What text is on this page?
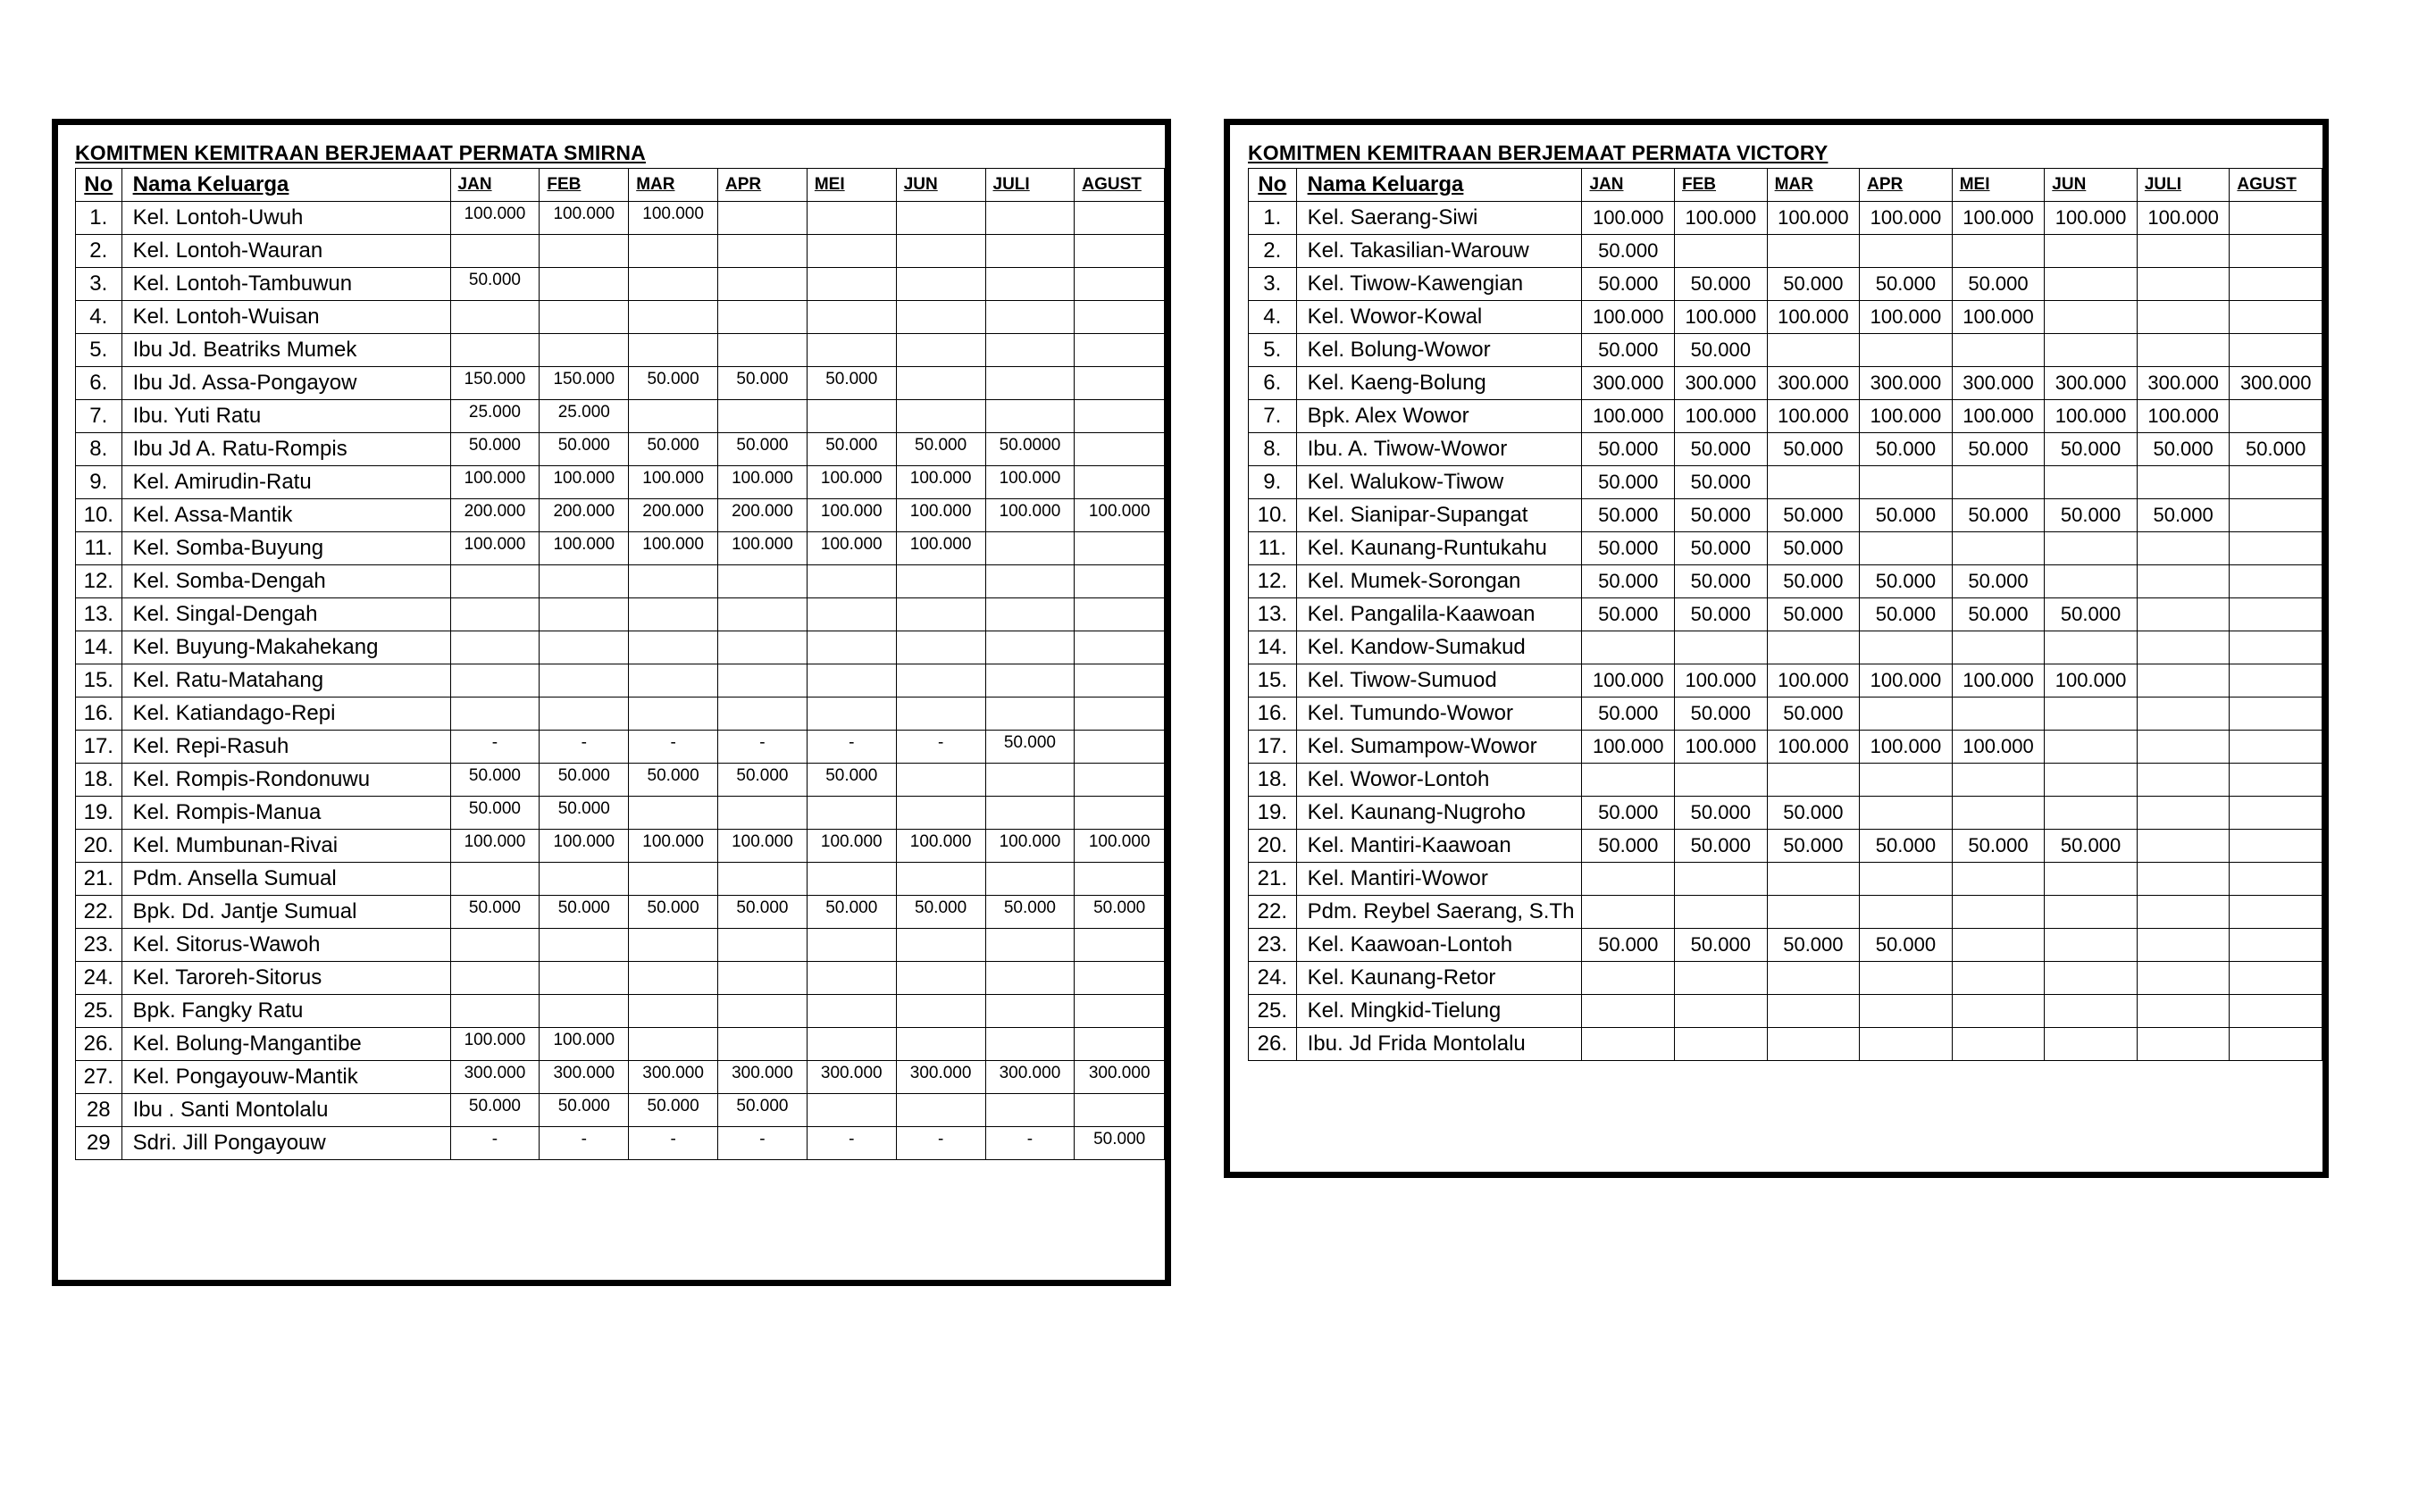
KOMITMEN KEMITRAAN BERJEMAAT PERMATA SMIRNA
No	Nama Keluarga	JAN	FEB	MAR	APR	MEI	JUN	JULI	AGUST
1.	Kel. Lontoh-Uwuh	100.000	100.000	100.000					
2.	Kel. Lontoh-Wauran								
3.	Kel. Lontoh-Tambuwun	50.000							
4.	Kel. Lontoh-Wuisan								
5.	Ibu Jd. Beatriks Mumek								
6.	Ibu Jd. Assa-Pongayow	150.000	150.000	50.000	50.000	50.000			
7.	Ibu. Yuti Ratu	25.000	25.000						
8.	Ibu Jd A. Ratu-Rompis	50.000	50.000	50.000	50.000	50.000	50.000	50.0000	
9.	Kel. Amirudin-Ratu	100.000	100.000	100.000	100.000	100.000	100.000	100.000	
10.	Kel. Assa-Mantik	200.000	200.000	200.000	200.000	100.000	100.000	100.000	100.000
11.	Kel. Somba-Buyung	100.000	100.000	100.000	100.000	100.000	100.000		
12.	Kel. Somba-Dengah								
13.	Kel. Singal-Dengah								
14.	Kel. Buyung-Makahekang								
15.	Kel. Ratu-Matahang								
16.	Kel. Katiandago-Repi								
17.	Kel. Repi-Rasuh	-	-	-	-	-	-	50.000	
18.	Kel. Rompis-Rondonuwu	50.000	50.000	50.000	50.000	50.000			
19.	Kel. Rompis-Manua	50.000	50.000						
20.	Kel. Mumbunan-Rivai	100.000	100.000	100.000	100.000	100.000	100.000	100.000	100.000
21.	Pdm. Ansella Sumual								
22.	Bpk. Dd. Jantje Sumual	50.000	50.000	50.000	50.000	50.000	50.000	50.000	50.000
23.	Kel. Sitorus-Wawoh								
24.	Kel. Taroreh-Sitorus								
25.	Bpk. Fangky Ratu								
26.	Kel. Bolung-Mangantibe	100.000	100.000						
27.	Kel. Pongayouw-Mantik	300.000	300.000	300.000	300.000	300.000	300.000	300.000	300.000
28	Ibu . Santi Montolalu	50.000	50.000	50.000	50.000				
29	Sdri. Jill Pongayouw	-	-	-	-	-	-	-	50.000
KOMITMEN KEMITRAAN BERJEMAAT PERMATA VICTORY
No	Nama Keluarga	JAN	FEB	MAR	APR	MEI	JUN	JULI	AGUST
1.	Kel. Saerang-Siwi	100.000	100.000	100.000	100.000	100.000	100.000	100.000	
2.	Kel. Takasilian-Warouw	50.000							
3.	Kel. Tiwow-Kawengian	50.000	50.000	50.000	50.000	50.000			
4.	Kel. Wowor-Kowal	100.000	100.000	100.000	100.000	100.000			
5.	Kel. Bolung-Wowor	50.000	50.000						
6.	Kel. Kaeng-Bolung	300.000	300.000	300.000	300.000	300.000	300.000	300.000	300.000
7.	Bpk. Alex Wowor	100.000	100.000	100.000	100.000	100.000	100.000	100.000	
8.	Ibu. A. Tiwow-Wowor	50.000	50.000	50.000	50.000	50.000	50.000	50.000	50.000
9.	Kel. Walukow-Tiwow	50.000	50.000						
10.	Kel. Sianipar-Supangat	50.000	50.000	50.000	50.000	50.000	50.000	50.000	
11.	Kel. Kaunang-Runtukahu	50.000	50.000	50.000					
12.	Kel. Mumek-Sorongan	50.000	50.000	50.000	50.000	50.000			
13.	Kel. Pangalila-Kaawoan	50.000	50.000	50.000	50.000	50.000	50.000		
14.	Kel. Kandow-Sumakud								
15.	Kel. Tiwow-Sumuod	100.000	100.000	100.000	100.000	100.000	100.000		
16.	Kel. Tumundo-Wowor	50.000	50.000	50.000					
17.	Kel. Sumampow-Wowor	100.000	100.000	100.000	100.000	100.000			
18.	Kel. Wowor-Lontoh								
19.	Kel. Kaunang-Nugroho	50.000	50.000	50.000					
20.	Kel. Mantiri-Kaawoan	50.000	50.000	50.000	50.000	50.000	50.000		
21.	Kel. Mantiri-Wowor								
22.	Pdm. Reybel Saerang, S.Th								
23.	Kel. Kaawoan-Lontoh	50.000	50.000	50.000	50.000				
24.	Kel. Kaunang-Retor								
25.	Kel. Mingkid-Tielung								
26.	Ibu. Jd Frida Montolalu								
